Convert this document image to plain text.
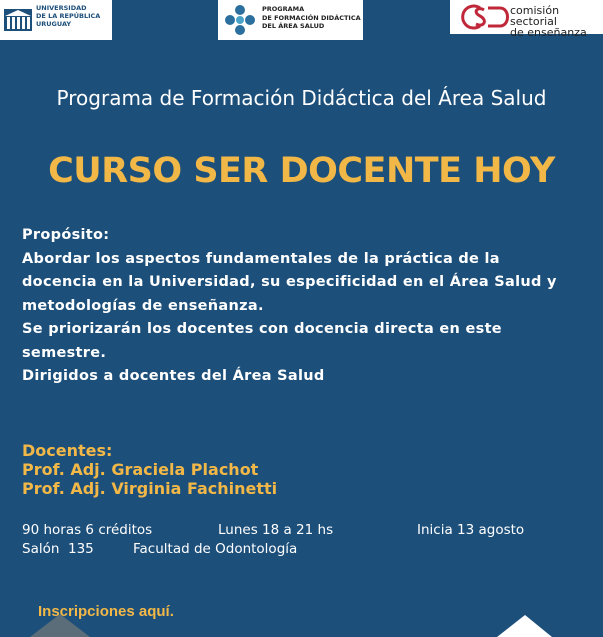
UNIVERSIDAD
DE LA REPÚBLICA
URUGUAY
PROGRAMA
DE FORMACIÓN DIDÁCTICA
DEL ÁREA SALUD
comisión sectorial
de enseñanza
Programa de Formación Didáctica del Área Salud
CURSO SER DOCENTE HOY
Propósito:
Abordar los aspectos fundamentales de la práctica de la
docencia en la Universidad, su especificidad en el Área Salud y
metodologías de enseñanza.
Se priorizarán los docentes con docencia directa en este
semestre.
Dirigidos a docentes del Área Salud
Docentes:
Prof. Adj. Graciela Plachot
Prof. Adj. Virginia Fachinetti
90 horas 6 créditos	Lunes 18 a 21 hs	Inicia 13 agosto
Salón  135	Facultad de Odontología
Inscripciones aquí.
